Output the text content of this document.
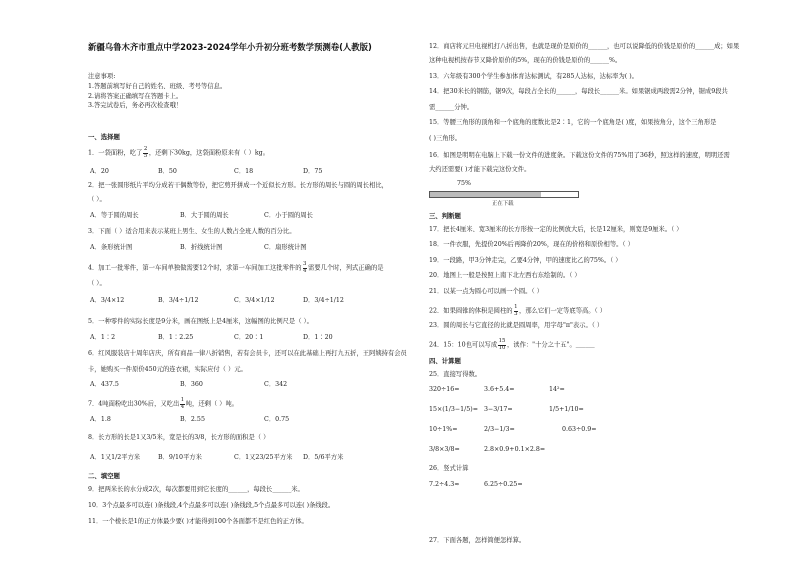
新疆乌鲁木齐市重点中学2023-2024学年小升初分班考数学预测卷(人教版)
注意事项:
1.答题前填写好自己的姓名、班级、考号等信息。
2.请将答案正确填写在答题卡上。
3.答完试卷后，务必再次检查哦！
一、选择题
1．一袋面粉，吃了 $\frac{2}{5}$ ，还剩下30kg，这袋面粉原来有（ ）kg。
A．20	B．50	C．18	D．75
2．把一张圆形纸片平均分成若干偶数等份，把它剪开拼成一个近似长方形。长方形的周长与圆的周长相比，
（ ）。
A．等于圆的周长	B．大于圆的周长	C．小于圆的周长
3．下面（ ）适合用来表示某班上男生、女生的人数占全班人数的百分比。
A．条形统计图	B．折线统计图	C．扇形统计图
4．加工一批零件，第一车间单独做需要12个时，求第一车间加工这批零件的 $\frac{3}{4}$ 需要几个时，列式正确的是
（ ）。
A．3/4×12	B．3/4÷1/12	C．3/4×1/12	D．3/4÷1/12
5．一种零件的实际长度是9分米，画在图纸上是4厘米，这幅图的比例尺是（ ）。
A．1∶2	B．1∶2.25	C．20∶1	D．1∶20
6．红风服装店十周年店庆，所有商品一律八折销售，若有会员卡，还可以在此基础上再打九五折，王阿姨持有会员
卡，她购买一件原价450元的连衣裙，实际应付（ ）元。
A．437.5	B．360	C．342
7．4吨面粉吃出30%后，又吃出 $\frac{1}{4}$ 吨，还剩（ ）吨。
A．1.8	B．2.55	C．0.75
8．长方形的长是1又3/5米，宽是长的3/8，长方形的面积是（ ）
A．1又1/2平方米	B．9/10平方米	C．1又23/25平方米 D．5/6平方米
二、填空题
9．把两米长的水分成2次，每次都要用到它长度的______，每段长______米。
10．3个点最多可以连( )条线段,4个点最多可以连( )条线段,5个点最多可以连( )条线段。
11．一个棱长是1的正方体最少要( )才能得到100个各面都不是红色的正方体。
12．商店将元旦电视机打八折出售，也就是现价是原价的______，也可以说降低的价钱是原价的______成；如果
这种电视机按春节又降价原价的5%，现在的价钱是原价的______%。
13．六年级有300个学生参加体育达标测试，有285人达标，达标率为( )。
14．把30米长的钢筋，锯9次，每段占全长的______，每段长______米。如果锯成两段需2分钟，锯成9段共
需______分钟。
15．等腰三角形的顶角和一个底角的度数比是2∶1，它的一个底角是( )度，如果按角分，这个三角形是
( )三角形。
16．如图是明明在电脑上下载一份文件的进度条。下载这份文件的75%用了36秒，照这样的速度，明明还需
大约还需要( )才能下载完这份文件。
75%
正在下载
三、判断题
17．把长4厘米、宽3厘米的长方形按一定的比例放大后，长是12厘米，则宽是9厘米。（ ）
18．一件衣服，先提价20%后再降价20%，现在的价格和原价相等。（ ）
19．一段路，甲3分钟走完，乙要4分钟，甲的速度比乙的75%。（ ）
20．地图上一般是按照上南下北左西右东绘制的。（ ）
21．以某一点为圆心可以画一个圆。（ ）
22．如果圆锥的体积是圆柱的 $\frac{1}{3}$ ，那么它们一定等底等高。（ ）
23．圆的周长与它直径的比就是圆周率，用字母"π"表示。（ ）
24．15：10也可以写成 $\frac{15}{10}$ ，读作："十分之十五"。______
四、计算题
25．直接写得数。
320÷16=	3.6+5.4=	14²=
15×(1/3−1/5)= 3−3/17=	1/5+1/10=
10÷1%=	2/3−1/3=	0.63÷0.9=
3/8×3/8=	2.8×0.9+0.1×2.8=
26．竖式计算
7.2÷4.3≈	6.25÷0.25=
27．下面各题，怎样简便怎样算。
